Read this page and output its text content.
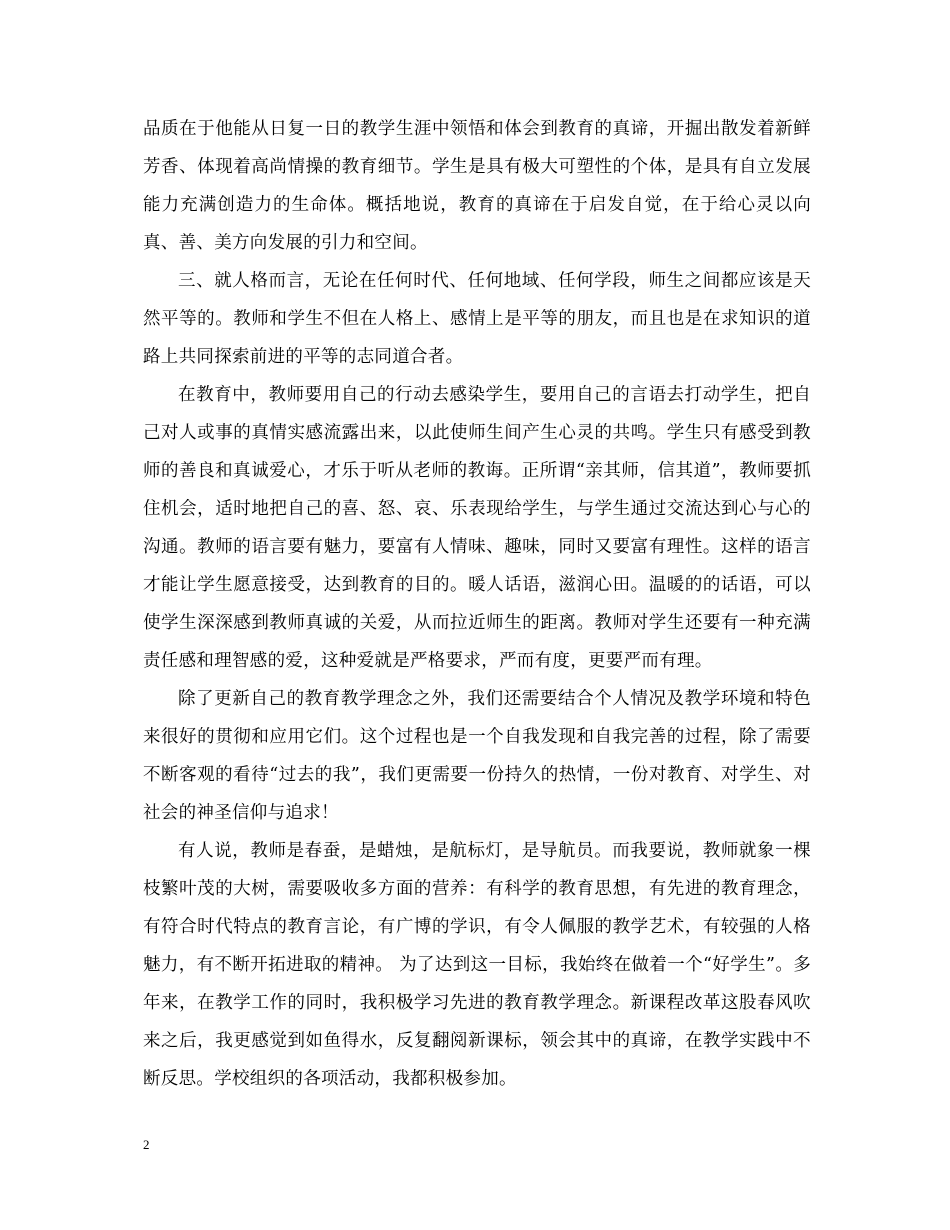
品质在于他能从日复一日的教学生涯中领悟和体会到教育的真谛，开掘出散发着新鲜芳香、体现着高尚情操的教育细节。学生是具有极大可塑性的个体，是具有自立发展能力充满创造力的生命体。概括地说，教育的真谛在于启发自觉，在于给心灵以向真、善、美方向发展的引力和空间。

三、就人格而言，无论在任何时代、任何地域、任何学段，师生之间都应该是天然平等的。教师和学生不但在人格上、感情上是平等的朋友，而且也是在求知识的道路上共同探索前进的平等的志同道合者。

在教育中，教师要用自己的行动去感染学生，要用自己的言语去打动学生，把自己对人或事的真情实感流露出来，以此使师生间产生心灵的共鸣。学生只有感受到教师的善良和真诚爱心，才乐于听从老师的教诲。正所谓“亲其师，信其道”，教师要抓住机会，适时地把自己的喜、怒、哀、乐表现给学生，与学生通过交流达到心与心的沟通。教师的语言要有魅力，要富有人情味、趣味，同时又要富有理性。这样的语言才能让学生愿意接受，达到教育的目的。暖人话语，滋润心田。温暖的的话语，可以使学生深深感到教师真诚的关爱，从而拉近师生的距离。教师对学生还要有一种充满责任感和理智感的爱，这种爱就是严格要求，严而有度，更要严而有理。

除了更新自己的教育教学理念之外，我们还需要结合个人情况及教学环境和特色来很好的贯彻和应用它们。这个过程也是一个自我发现和自我完善的过程，除了需要不断客观的看待“过去的我”，我们更需要一份持久的热情，一份对教育、对学生、对社会的神圣信仰与追求！

有人说，教师是春蚕，是蜡烛，是航标灯，是导航员。而我要说，教师就象一棵枝繁叶茂的大树，需要吸收多方面的营养：有科学的教育思想，有先进的教育理念，有符合时代特点的教育言论，有广博的学识，有令人佩服的教学艺术，有较强的人格魅力，有不断开拓进取的精神。 为了达到这一目标，我始终在做着一个“好学生”。多年来，在教学工作的同时，我积极学习先进的教育教学理念。新课程改革这股春风吹来之后，我更感觉到如鱼得水，反复翻阅新课标，领会其中的真谛，在教学实践中不断反思。学校组织的各项活动，我都积极参加。

2
